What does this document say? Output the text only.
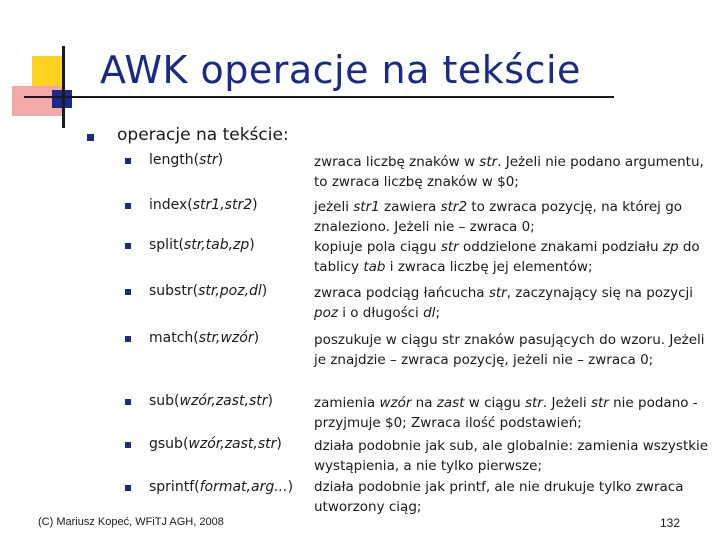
AWK operacje na tekście
operacje na tekście:
length(str)
index(str1,str2)
split(str,tab,zp)
substr(str,poz,dl)
match(str,wzór)
sub(wzór,zast,str)
gsub(wzór,zast,str)
sprintf(format,arg...)
zwraca liczbę znaków w str. Jeżeli nie podano argumentu, to zwraca liczbę znaków w $0;
jeżeli str1 zawiera str2 to zwraca pozycję, na której go znaleziono. Jeżeli nie – zwraca 0;
kopiuje pola ciągu str oddzielone znakami podziału zp do tablicy tab i zwraca liczbę jej elementów;
zwraca podciąg łańcucha str, zaczynający się na pozycji poz i o długości dl;
poszukuje w ciągu str znaków pasujących do wzoru. Jeżeli je znajdzie – zwraca pozycję, jeżeli nie – zwraca 0;
zamienia wzór na zast w ciągu str. Jeżeli str nie podano - przyjmuje $0; Zwraca ilość podstawień;
działa podobnie jak sub, ale globalnie: zamienia wszystkie wystąpienia, a nie tylko pierwsze;
działa podobnie jak printf, ale nie drukuje tylko zwraca utworzony ciąg;
(C) Mariusz Kopeć, WFiTJ AGH, 2008	132
